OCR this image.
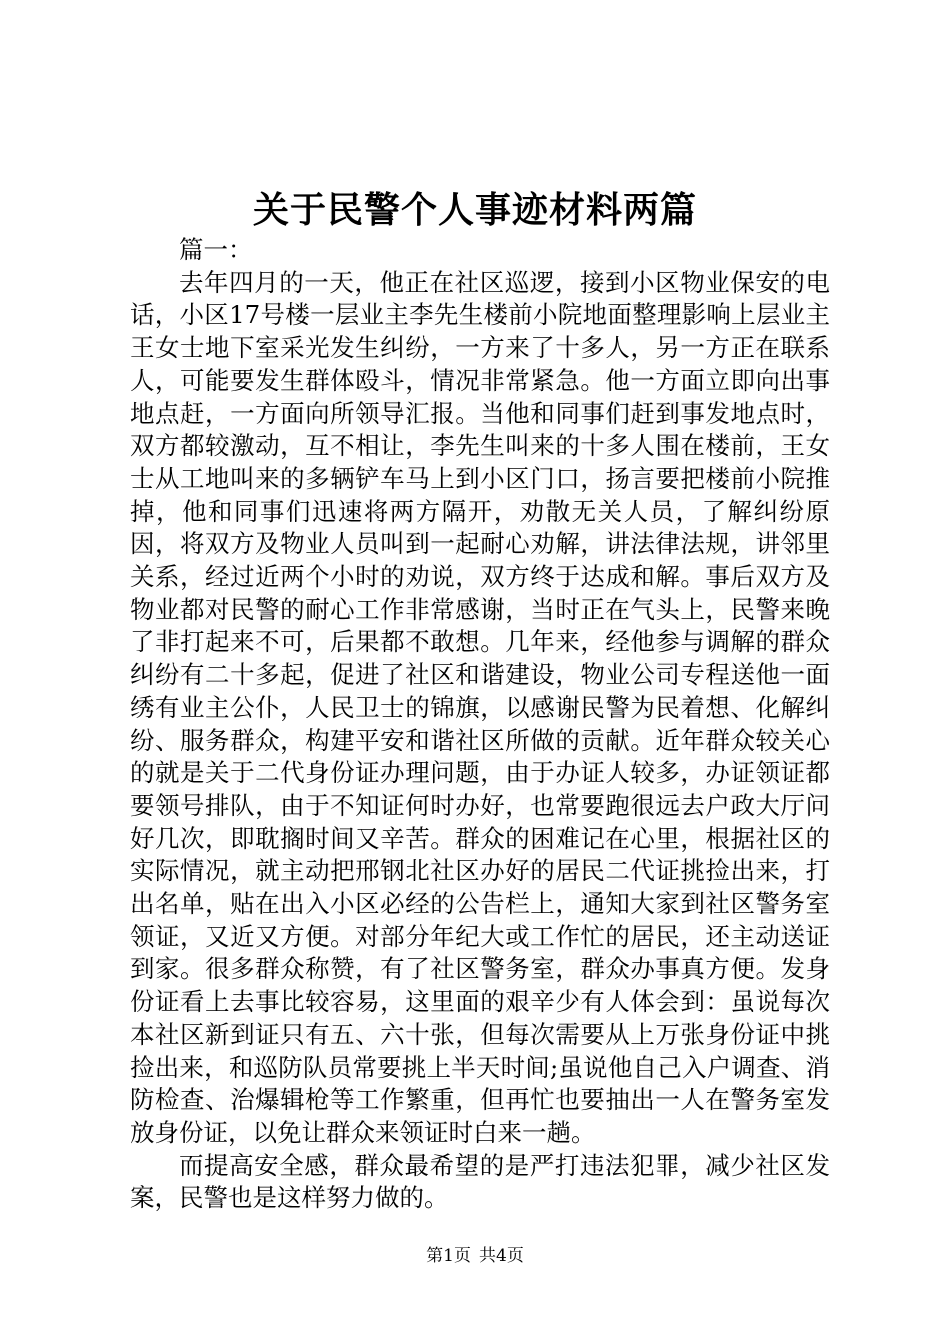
关于民警个人事迹材料两篇

篇一：

去年四月的一天，他正在社区巡逻，接到小区物业保安的电话，小区17号楼一层业主李先生楼前小院地面整理影响上层业主王女士地下室采光发生纠纷，一方来了十多人，另一方正在联系人，可能要发生群体殴斗，情况非常紧急。他一方面立即向出事地点赶，一方面向所领导汇报。当他和同事们赶到事发地点时，双方都较激动，互不相让，李先生叫来的十多人围在楼前，王女士从工地叫来的多辆铲车马上到小区门口，扬言要把楼前小院推掉，他和同事们迅速将两方隔开，劝散无关人员，了解纠纷原因，将双方及物业人员叫到一起耐心劝解，讲法律法规，讲邻里关系，经过近两个小时的劝说，双方终于达成和解。事后双方及物业都对民警的耐心工作非常感谢，当时正在气头上，民警来晚了非打起来不可，后果都不敢想。几年来，经他参与调解的群众纠纷有二十多起，促进了社区和谐建设，物业公司专程送他一面绣有业主公仆，人民卫士的锦旗，以感谢民警为民着想、化解纠纷、服务群众，构建平安和谐社区所做的贡献。近年群众较关心的就是关于二代身份证办理问题，由于办证人较多，办证领证都要领号排队，由于不知证何时办好，也常要跑很远去户政大厅问好几次，即耽搁时间又辛苦。群众的困难记在心里，根据社区的实际情况，就主动把邢钢北社区办好的居民二代证挑捡出来，打出名单，贴在出入小区必经的公告栏上，通知大家到社区警务室领证，又近又方便。对部分年纪大或工作忙的居民，还主动送证到家。很多群众称赞，有了社区警务室，群众办事真方便。发身份证看上去事比较容易，这里面的艰辛少有人体会到：虽说每次本社区新到证只有五、六十张，但每次需要从上万张身份证中挑捡出来，和巡防队员常要挑上半天时间;虽说他自己入户调查、消防检查、治爆辑枪等工作繁重，但再忙也要抽出一人在警务室发放身份证，以免让群众来领证时白来一趟。

而提高安全感，群众最希望的是严打违法犯罪，减少社区发案，民警也是这样努力做的。

第1页 共4页
